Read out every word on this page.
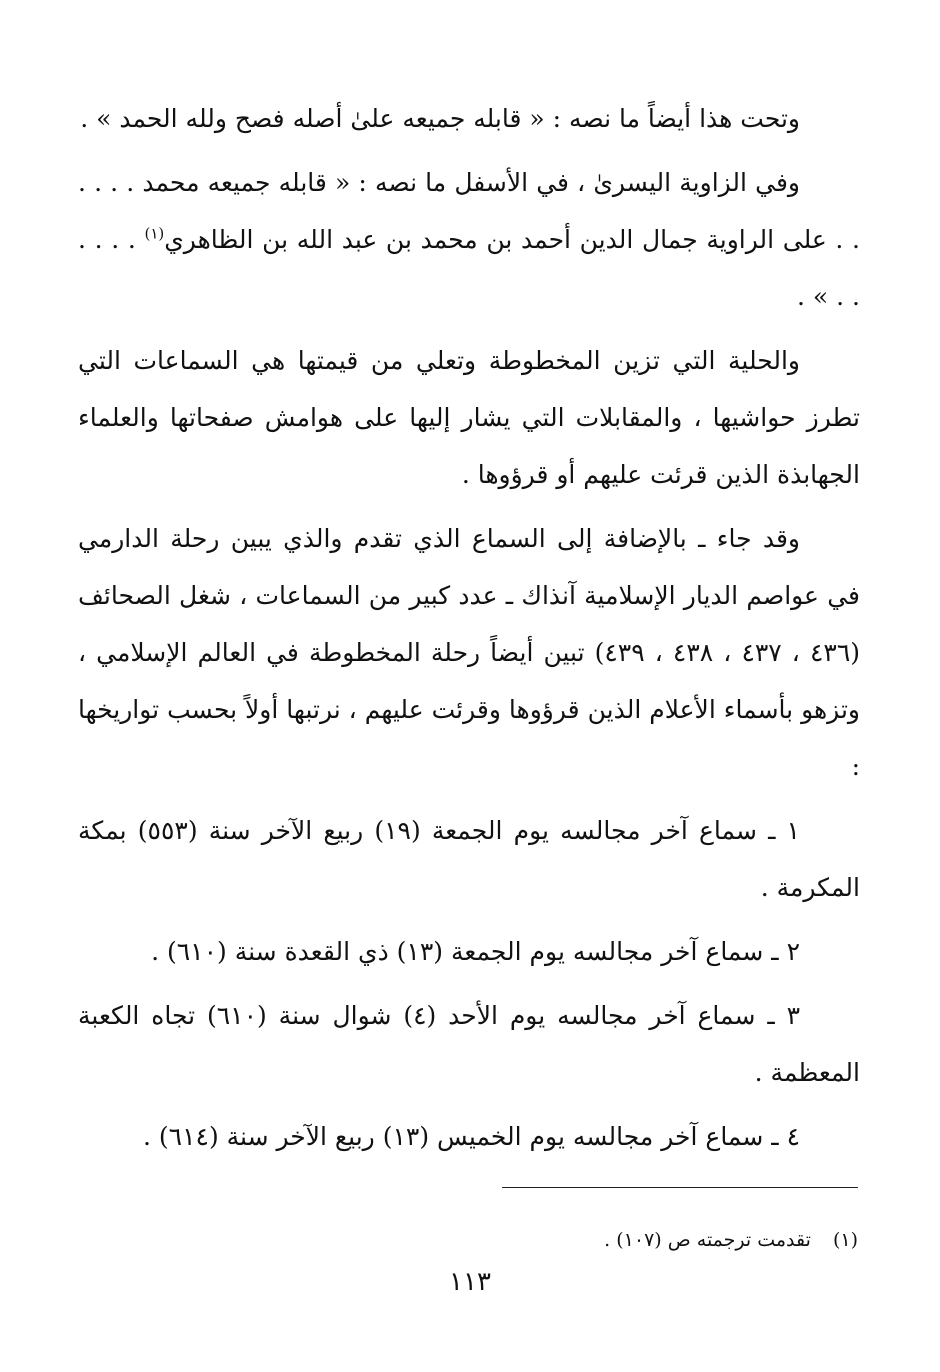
وتحت هذا أيضاً ما نصه : « قابله جميعه علىٰ أصله فصح ولله الحمد » .

وفي الزاوية اليسرىٰ ، في الأسفل ما نصه : « قابله جميعه محمد . . . . . . على الراوية جمال الدين أحمد بن محمد بن عبد الله بن الظاهري$^{(١)}$ . . . . . . » .

والحلية التي تزين المخطوطة وتعلي من قيمتها هي السماعات التي تطرز حواشيها ، والمقابلات التي يشار إليها على هوامش صفحاتها والعلماء الجهابذة الذين قرئت عليهم أو قرؤوها .

وقد جاء ـ بالإضافة إلى السماع الذي تقدم والذي يبين رحلة الدارمي في عواصم الديار الإسلامية آنذاك ـ عدد كبير من السماعات ، شغل الصحائف (٤٣٦ ، ٤٣٧ ، ٤٣٨ ، ٤٣٩) تبين أيضاً رحلة المخطوطة في العالم الإسلامي ، وتزهو بأسماء الأعلام الذين قرؤوها وقرئت عليهم ، نرتبها أولاً بحسب تواريخها :

١ ـ سماع آخر مجالسه يوم الجمعة (١٩) ربيع الآخر سنة (٥٥٣) بمكة المكرمة .

٢ ـ سماع آخر مجالسه يوم الجمعة (١٣) ذي القعدة سنة (٦١٠) .

٣ ـ سماع آخر مجالسه يوم الأحد (٤) شوال سنة (٦١٠) تجاه الكعبة المعظمة .

٤ ـ سماع آخر مجالسه يوم الخميس (١٣) ربيع الآخر سنة (٦١٤) .

(١)تقدمت ترجمته ص (١٠٧) .
١١٣
